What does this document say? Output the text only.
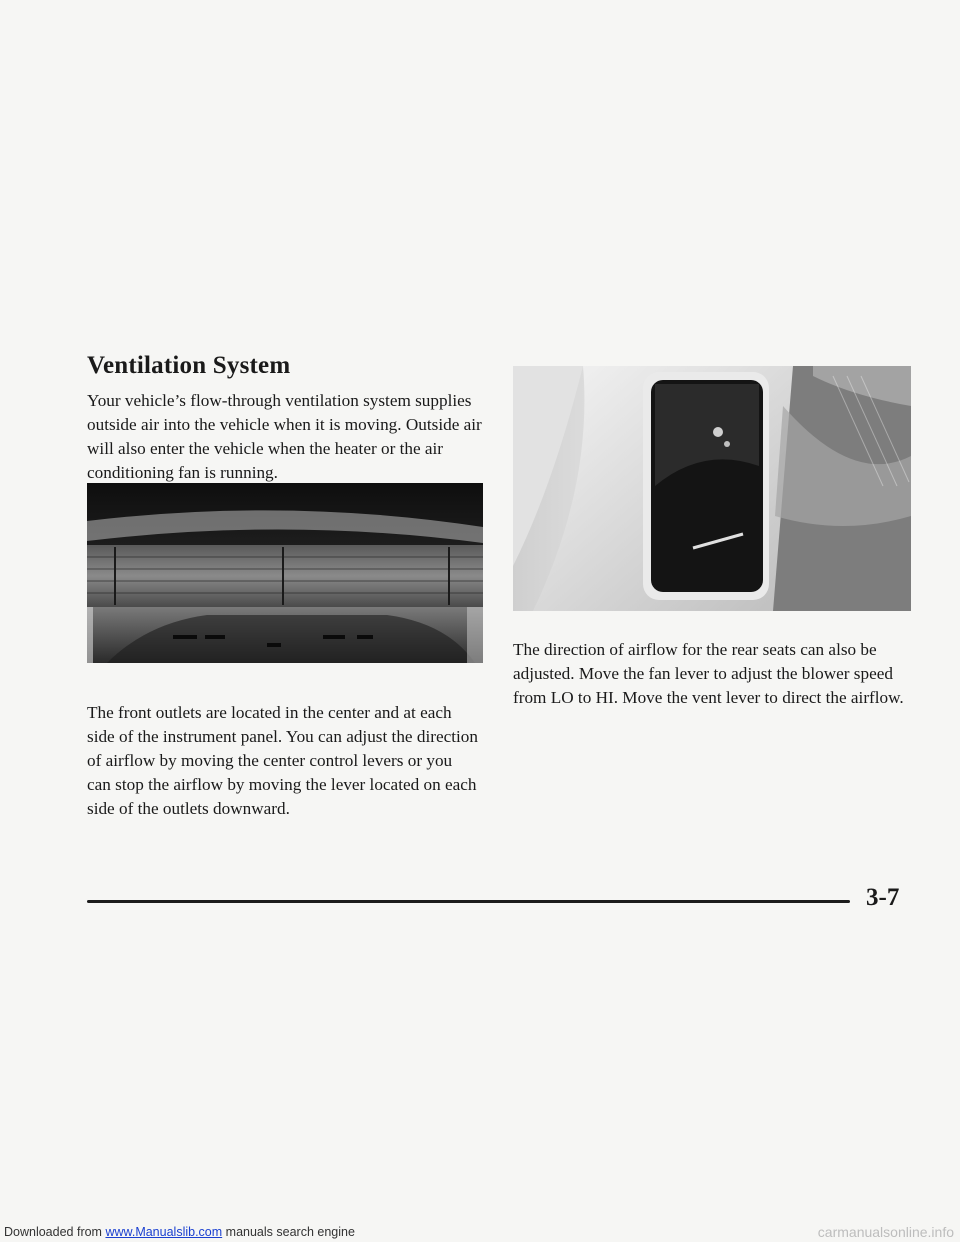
Ventilation System

Your vehicle’s flow-through ventilation system supplies outside air into the vehicle when it is moving. Outside air will also enter the vehicle when the heater or the air conditioning fan is running.

The front outlets are located in the center and at each side of the instrument panel. You can adjust the direction of airflow by moving the center control levers or you can stop the airflow by moving the lever located on each side of the outlets downward.

The direction of airflow for the rear seats can also be adjusted. Move the fan lever to adjust the blower speed from LO to HI. Move the vent lever to direct the airflow.

3-7

Downloaded from www.Manualslib.com manuals search engine	carmanualsonline.info
